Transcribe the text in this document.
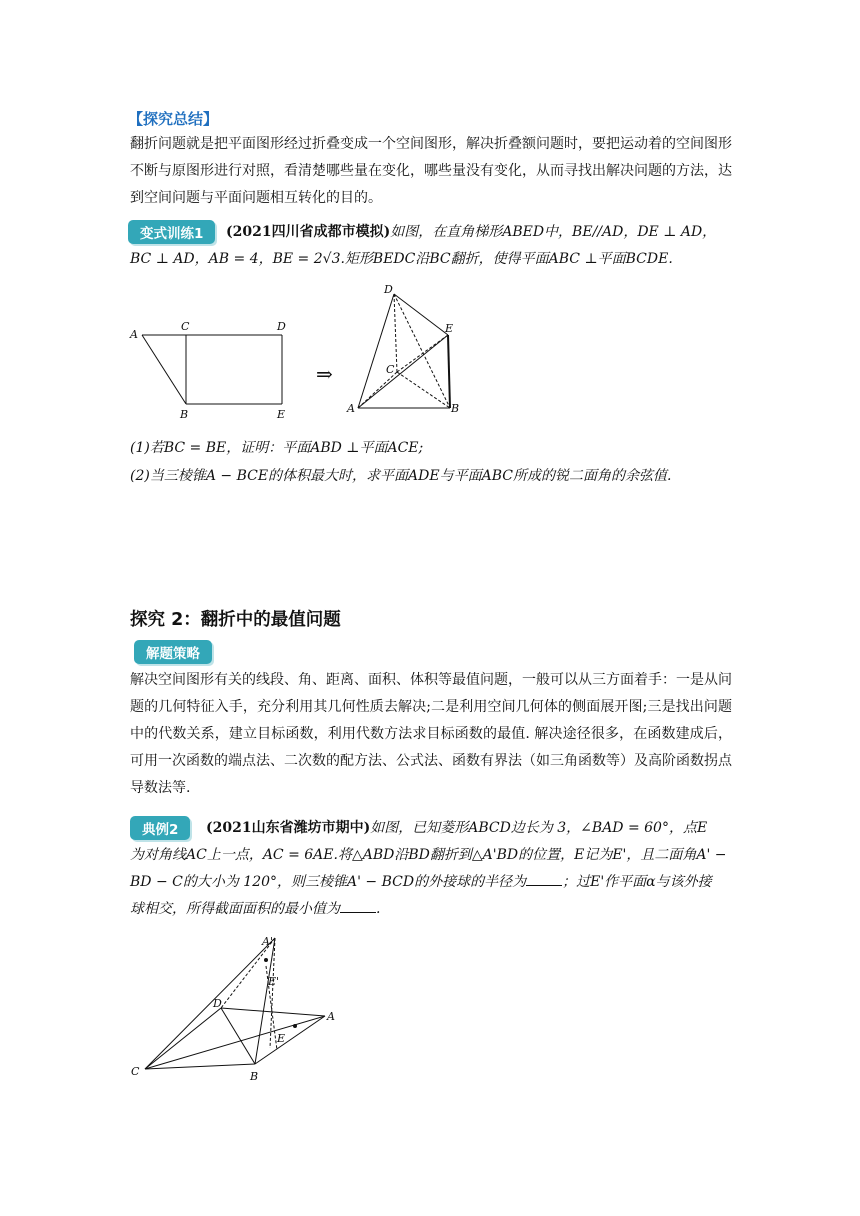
【探究总结】

翻折问题就是把平面图形经过折叠变成一个空间图形，解决折叠额问题时，要把运动着的空间图形不断与原图形进行对照，看清楚哪些量在变化，哪些量没有变化，从而寻找出解决问题的方法，达到空间问题与平面问题相互转化的目的。

变式训练1	(2021四川省成都市模拟)如图，在直角梯形ABED中，BE//AD，DE ⊥ AD，
BC ⊥ AD，AB = 4，BE = 2√3.矩形BEDC沿BC翻折，使得平面ABC ⊥平面BCDE.
A
C	D
B	E
⇒
D
E
C
A	B
(1)若BC = BE，证明：平面ABD ⊥平面ACE;
(2)当三棱锥A − BCE的体积最大时，求平面ADE与平面ABC所成的锐二面角的余弦值.
探究 2：翻折中的最值问题
解题策略

解决空间图形有关的线段、角、距离、面积、体积等最值问题，一般可以从三方面着手：一是从问题的几何特征入手，充分利用其几何性质去解决;二是利用空间几何体的侧面展开图;三是找出问题中的代数关系，建立目标函数，利用代数方法求目标函数的最值. 解决途径很多，在函数建成后，可用一次函数的端点法、二次数的配方法、公式法、函数有界法（如三角函数等）及高阶函数拐点导数法等.

典例2	(2021山东省潍坊市期中)如图，已知菱形ABCD边长为 3，∠BAD = 60°，点E
为对角线AC上一点，AC = 6AE.将△ABD沿BD翻折到△A'BD的位置，E记为E'，且二面角A' −
BD − C的大小为 120°，则三棱锥A' − BCD的外接球的半径为	；过E'作平面α与该外接
球相交，所得截面面积的最小值为	.
A'
E'
D
A
E
C	B
